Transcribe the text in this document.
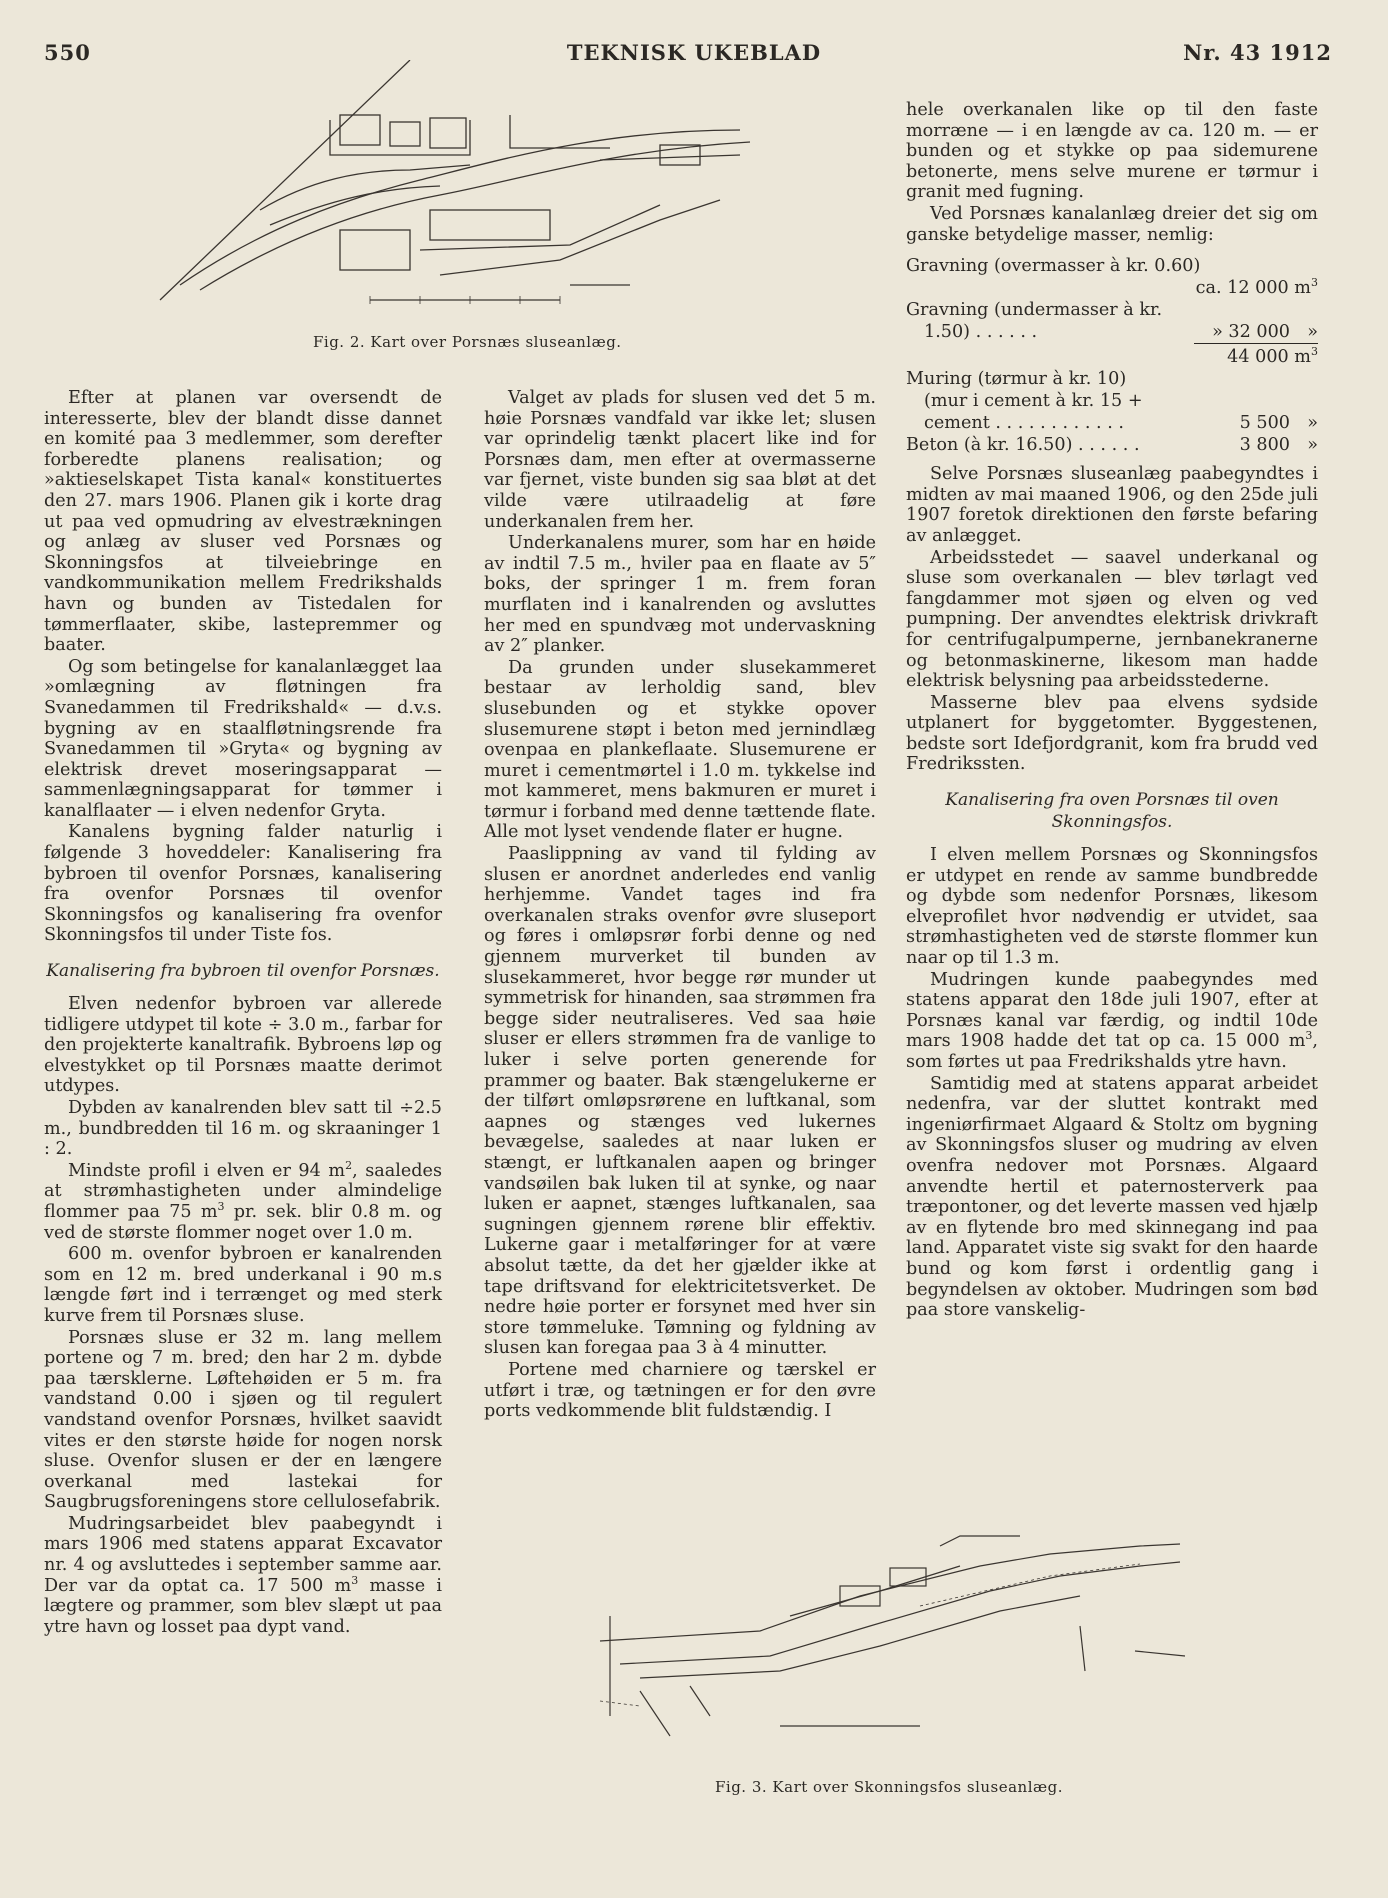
550	TEKNISK UKEBLAD	Nr. 43 1912
Fig. 2. Kart over Porsnæs sluseanlæg.

Efter at planen var oversendt de interesserte, blev der blandt disse dannet en komité paa 3 medlemmer, som derefter forberedte planens realisation; og »aktieselskapet Tista kanal« konstituertes den 27. mars 1906. Planen gik i korte drag ut paa ved opmudring av elvestrækningen og anlæg av sluser ved Porsnæs og Skonningsfos at tilveiebringe en vandkommunikation mellem Fredrikshalds havn og bunden av Tistedalen for tømmerflaater, skibe, lastepremmer og baater.

Og som betingelse for kanalanlægget laa »omlægning av fløtningen fra Svanedammen til Fredrikshald« — d.v.s. bygning av en staalfløtningsrende fra Svanedammen til »Gryta« og bygning av elektrisk drevet moseringsapparat — sammenlægningsapparat for tømmer i kanalflaater — i elven nedenfor Gryta.

Kanalens bygning falder naturlig i følgende 3 hoveddeler: Kanalisering fra bybroen til ovenfor Porsnæs, kanalisering fra ovenfor Porsnæs til ovenfor Skonningsfos og kanalisering fra ovenfor Skonningsfos til under Tiste fos.

Kanalisering fra bybroen til ovenfor Porsnæs.

Elven nedenfor bybroen var allerede tidligere utdypet til kote ÷ 3.0 m., farbar for den projekterte kanaltrafik. Bybroens løp og elvestykket op til Porsnæs maatte derimot utdypes.

Dybden av kanalrenden blev satt til ÷2.5 m., bundbredden til 16 m. og skraaninger 1 : 2.

Mindste profil i elven er 94 $m^2$, saaledes at strømhastigheten under almindelige flommer paa 75 $m^3$ pr. sek. blir 0.8 m. og ved de største flommer noget over 1.0 m.

600 m. ovenfor bybroen er kanalrenden som en 12 m. bred underkanal i 90 m.s længde ført ind i terrænget og med sterk kurve frem til Porsnæs sluse.

Porsnæs sluse er 32 m. lang mellem portene og 7 m. bred; den har 2 m. dybde paa tærsklerne. Løftehøiden er 5 m. fra vandstand 0.00 i sjøen og til regulert vandstand ovenfor Porsnæs, hvilket saavidt vites er den største høide for nogen norsk sluse. Ovenfor slusen er der en længere overkanal med lastekai for Saugbrugsforeningens store cellulosefabrik.

Mudringsarbeidet blev paabegyndt i mars 1906 med statens apparat Excavator nr. 4 og avsluttedes i september samme aar. Der var da optat ca. 17 500 $m^3$ masse i lægtere og prammer, som blev slæpt ut paa ytre havn og losset paa dypt vand.

Valget av plads for slusen ved det 5 m. høie Porsnæs vandfald var ikke let; slusen var oprindelig tænkt placert like ind for Porsnæs dam, men efter at overmasserne var fjernet, viste bunden sig saa bløt at det vilde være utilraadelig at føre underkanalen frem her.

Underkanalens murer, som har en høide av indtil 7.5 m., hviler paa en flaate av 5″ boks, der springer 1 m. frem foran murflaten ind i kanalrenden og avsluttes her med en spundvæg mot undervaskning av 2″ planker.

Da grunden under slusekammeret bestaar av lerholdig sand, blev slusebunden og et stykke opover slusemurene støpt i beton med jernindlæg ovenpaa en plankeflaate. Slusemurene er muret i cementmørtel i 1.0 m. tykkelse ind mot kammeret, mens bakmuren er muret i tørmur i forband med denne tættende flate. Alle mot lyset vendende flater er hugne.

Paaslippning av vand til fylding av slusen er anordnet anderledes end vanlig herhjemme. Vandet tages ind fra overkanalen straks ovenfor øvre sluseport og føres i omløpsrør forbi denne og ned gjennem murverket til bunden av slusekammeret, hvor begge rør munder ut symmetrisk for hinanden, saa strømmen fra begge sider neutraliseres. Ved saa høie sluser er ellers strømmen fra de vanlige to luker i selve porten generende for prammer og baater. Bak stængelukerne er der tilført omløpsrørene en luftkanal, som aapnes og stænges ved lukernes bevægelse, saaledes at naar luken er stængt, er luftkanalen aapen og bringer vandsøilen bak luken til at synke, og naar luken er aapnet, stænges luftkanalen, saa sugningen gjennem rørene blir effektiv. Lukerne gaar i metalføringer for at være absolut tætte, da det her gjælder ikke at tape driftsvand for elektricitetsverket. De nedre høie porter er forsynet med hver sin store tømmeluke. Tømning og fyldning av slusen kan foregaa paa 3 à 4 minutter.

Portene med charniere og tærskel er utført i træ, og tætningen er for den øvre ports vedkommende blit fuldstændig. I

hele overkanalen like op til den faste morræne — i en længde av ca. 120 m. — er bunden og et stykke op paa sidemurene betonerte, mens selve murene er tørmur i granit med fugning.

Ved Porsnæs kanalanlæg dreier det sig om ganske betydelige masser, nemlig:

Gravning (overmasser à kr. 0.60)		
ca. 12 000 $m^3$
Gravning (undermasser à kr.		
1.50) . . . . . .	» 32 000	»
	44 000 $m^3$
Muring (tørmur à kr. 10)		
(mur i cement à kr. 15 +		
cement . . . . . . . . . . . .	5 500	»
Beton (à kr. 16.50) . . . . . .	3 800	»

Selve Porsnæs sluseanlæg paabegyndtes i midten av mai maaned 1906, og den 25de juli 1907 foretok direktionen den første befaring av anlægget.

Arbeidsstedet — saavel underkanal og sluse som overkanalen — blev tørlagt ved fangdammer mot sjøen og elven og ved pumpning. Der anvendtes elektrisk drivkraft for centrifugalpumperne, jernbanekranerne og betonmaskinerne, likesom man hadde elektrisk belysning paa arbeidsstederne.

Masserne blev paa elvens sydside utplanert for byggetomter. Byggestenen, bedste sort Idefjordgranit, kom fra brudd ved Fredrikssten.

Kanalisering fra oven Porsnæs til oven Skonningsfos.

I elven mellem Porsnæs og Skonningsfos er utdypet en rende av samme bundbredde og dybde som nedenfor Porsnæs, likesom elveprofilet hvor nødvendig er utvidet, saa strømhastigheten ved de største flommer kun naar op til 1.3 m.

Mudringen kunde paabegyndes med statens apparat den 18de juli 1907, efter at Porsnæs kanal var færdig, og indtil 10de mars 1908 hadde det tat op ca. 15 000 $m^3$, som førtes ut paa Fredrikshalds ytre havn.

Samtidig med at statens apparat arbeidet nedenfra, var der sluttet kontrakt med ingeniørfirmaet Algaard & Stoltz om bygning av Skonningsfos sluser og mudring av elven ovenfra nedover mot Porsnæs. Algaard anvendte hertil et paternosterverk paa træpontoner, og det leverte massen ved hjælp av en flytende bro med skinnegang ind paa land. Apparatet viste sig svakt for den haarde bund og kom først i ordentlig gang i begyndelsen av oktober. Mudringen som bød paa store vanskelig-

Fig. 3. Kart over Skonningsfos sluseanlæg.
